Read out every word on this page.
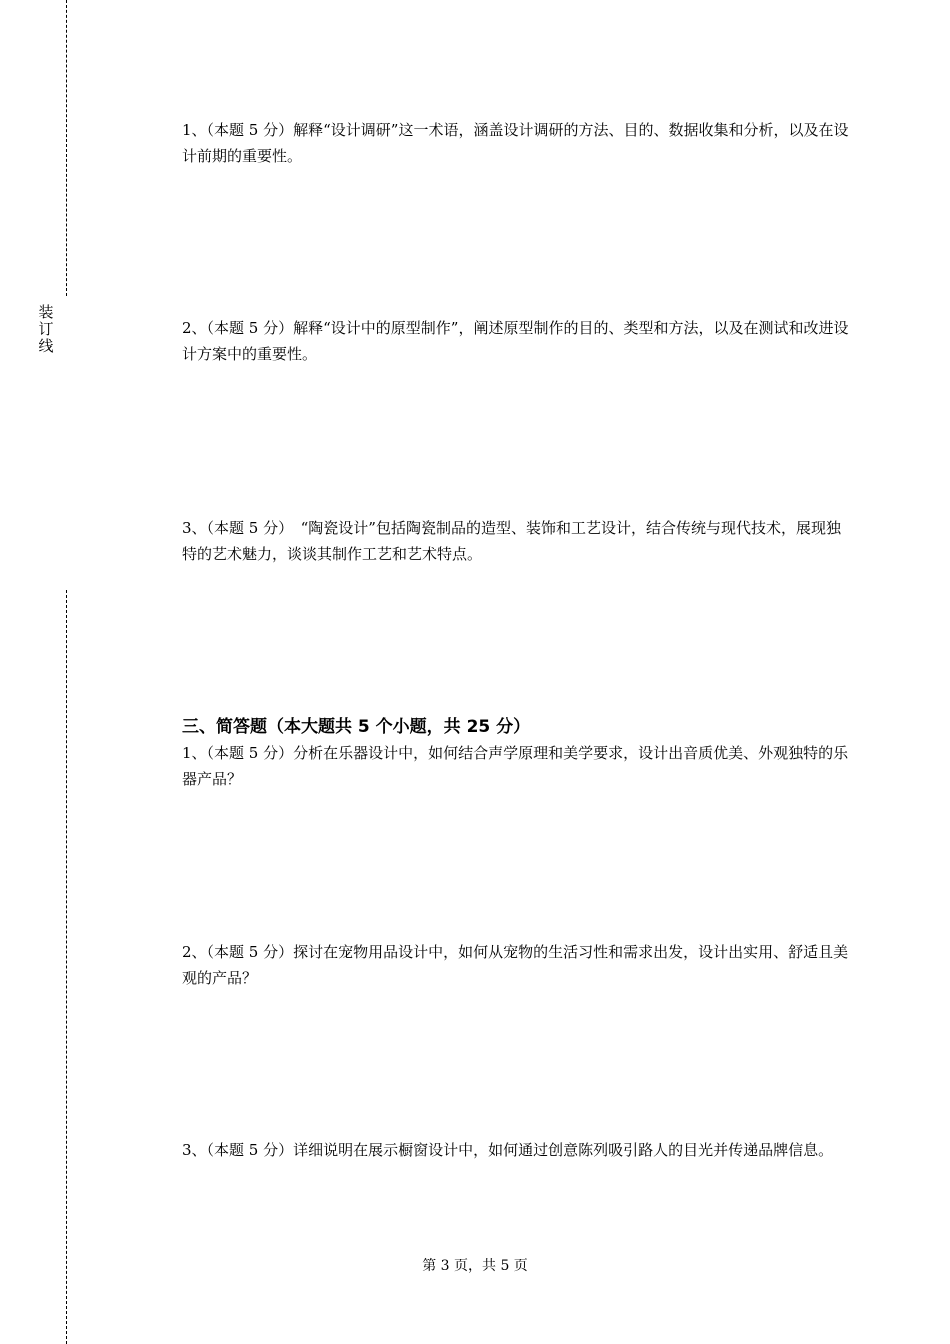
装订线

1、（本题 5 分）解释“设计调研”这一术语，涵盖设计调研的方法、目的、数据收集和分析，以及在设计前期的重要性。

2、（本题 5 分）解释“设计中的原型制作”，阐述原型制作的目的、类型和方法，以及在测试和改进设计方案中的重要性。

3、（本题 5 分）　“陶瓷设计”包括陶瓷制品的造型、装饰和工艺设计，结合传统与现代技术，展现独特的艺术魅力，谈谈其制作工艺和艺术特点。

三、简答题（本大题共 5 个小题，共 25 分）

1、（本题 5 分）分析在乐器设计中，如何结合声学原理和美学要求，设计出音质优美、外观独特的乐器产品？

2、（本题 5 分）探讨在宠物用品设计中，如何从宠物的生活习性和需求出发，设计出实用、舒适且美观的产品？

3、（本题 5 分）详细说明在展示橱窗设计中，如何通过创意陈列吸引路人的目光并传递品牌信息。

第 3 页，共 5 页
